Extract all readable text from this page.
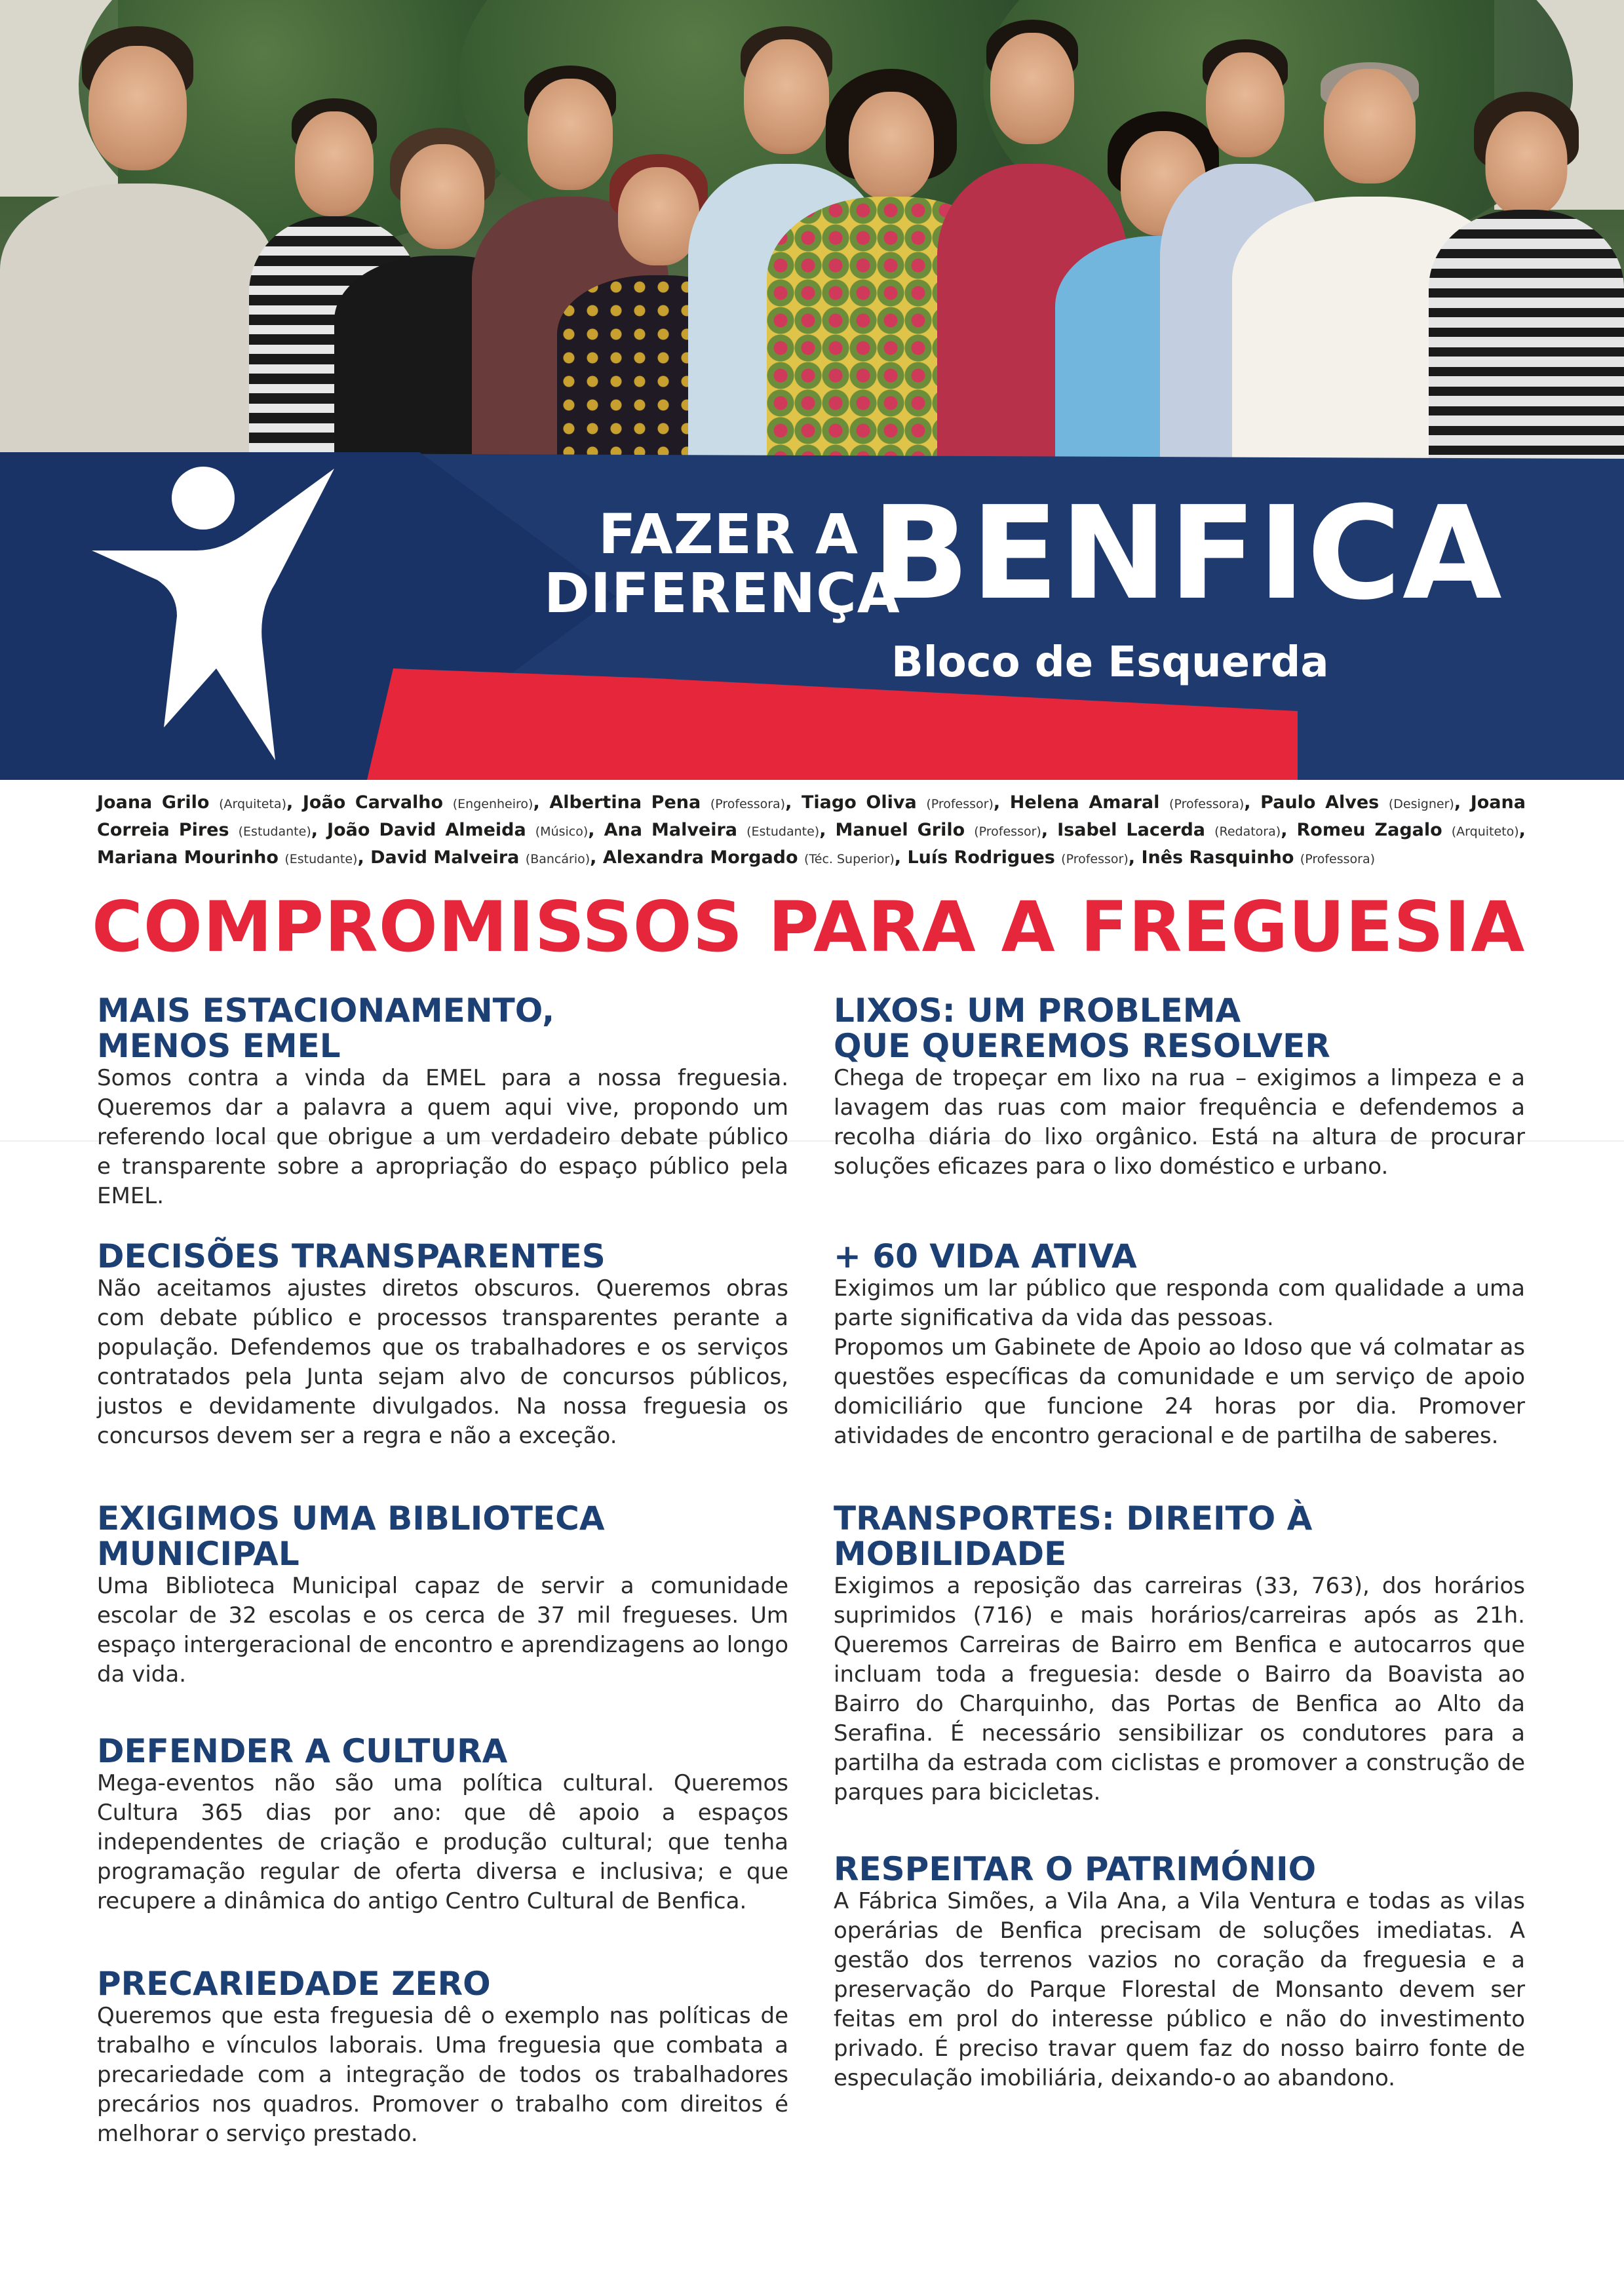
FAZER A DIFERENÇA
BENFICA
Bloco de Esquerda
Joana Grilo (Arquiteta), João Carvalho (Engenheiro), Albertina Pena (Professora), Tiago Oliva (Professor), Helena Amaral (Professora), Paulo Alves (Designer), Joana Correia Pires (Estudante), João David Almeida (Músico), Ana Malveira (Estudante), Manuel Grilo (Professor), Isabel Lacerda (Redatora), Romeu Zagalo (Arquiteto), Mariana Mourinho (Estudante), David Malveira (Bancário), Alexandra Morgado (Téc. Superior), Luís Rodrigues (Professor), Inês Rasquinho (Professora)
COMPROMISSOS PARA A FREGUESIA
MAIS ESTACIONAMENTO,
MENOS EMEL

Somos contra a vinda da EMEL para a nossa freguesia. Queremos dar a palavra a quem aqui vive, propondo um referendo local que obrigue a um verdadeiro debate público e transparente sobre a apropriação do espaço público pela EMEL.

DECISÕES TRANSPARENTES

Não aceitamos ajustes diretos obscuros. Queremos obras com debate público e processos transparentes perante a população. Defendemos que os trabalhadores e os serviços contratados pela Junta sejam alvo de concursos públicos, justos e devidamente divulgados. Na nossa freguesia os concursos devem ser a regra e não a exceção.

EXIGIMOS UMA BIBLIOTECA
MUNICIPAL

Uma Biblioteca Municipal capaz de servir a comunidade escolar de 32 escolas e os cerca de 37 mil fregueses. Um espaço intergeracional de encontro e aprendizagens ao longo da vida.

DEFENDER A CULTURA

Mega-eventos não são uma política cultural. Queremos Cultura 365 dias por ano: que dê apoio a espaços independentes de criação e produção cultural; que tenha programação regular de oferta diversa e inclusiva; e que recupere a dinâmica do antigo Centro Cultural de Benfica.

PRECARIEDADE ZERO

Queremos que esta freguesia dê o exemplo nas políticas de trabalho e vínculos laborais. Uma freguesia que combata a precariedade com a integração de todos os trabalhadores precários nos quadros. Promover o trabalho com direitos é melhorar o serviço prestado.

LIXOS: UM PROBLEMA
QUE QUEREMOS RESOLVER

Chega de tropeçar em lixo na rua – exigimos a limpeza e a lavagem das ruas com maior frequência e defendemos a recolha diária do lixo orgânico. Está na altura de procurar soluções eficazes para o lixo doméstico e urbano.

+ 60 VIDA ATIVA

Exigimos um lar público que responda com qualidade a uma parte significativa da vida das pessoas.
Propomos um Gabinete de Apoio ao Idoso que vá colmatar as questões específicas da comunidade e um serviço de apoio domiciliário que funcione 24 horas por dia. Promover atividades de encontro geracional e de partilha de saberes.

TRANSPORTES: DIREITO À
MOBILIDADE

Exigimos a reposição das carreiras (33, 763), dos horários suprimidos (716) e mais horários/carreiras após as 21h. Queremos Carreiras de Bairro em Benfica e autocarros que incluam toda a freguesia: desde o Bairro da Boavista ao Bairro do Charquinho, das Portas de Benfica ao Alto da Serafina. É necessário sensibilizar os condutores para a partilha da estrada com ciclistas e promover a construção de parques para bicicletas.

RESPEITAR O PATRIMÓNIO

A Fábrica Simões, a Vila Ana, a Vila Ventura e todas as vilas operárias de Benfica precisam de soluções imediatas. A gestão dos terrenos vazios no coração da freguesia e a preservação do Parque Florestal de Monsanto devem ser feitas em prol do interesse público e não do investimento privado. É preciso travar quem faz do nosso bairro fonte de especulação imobiliária, deixando-o ao abandono.
